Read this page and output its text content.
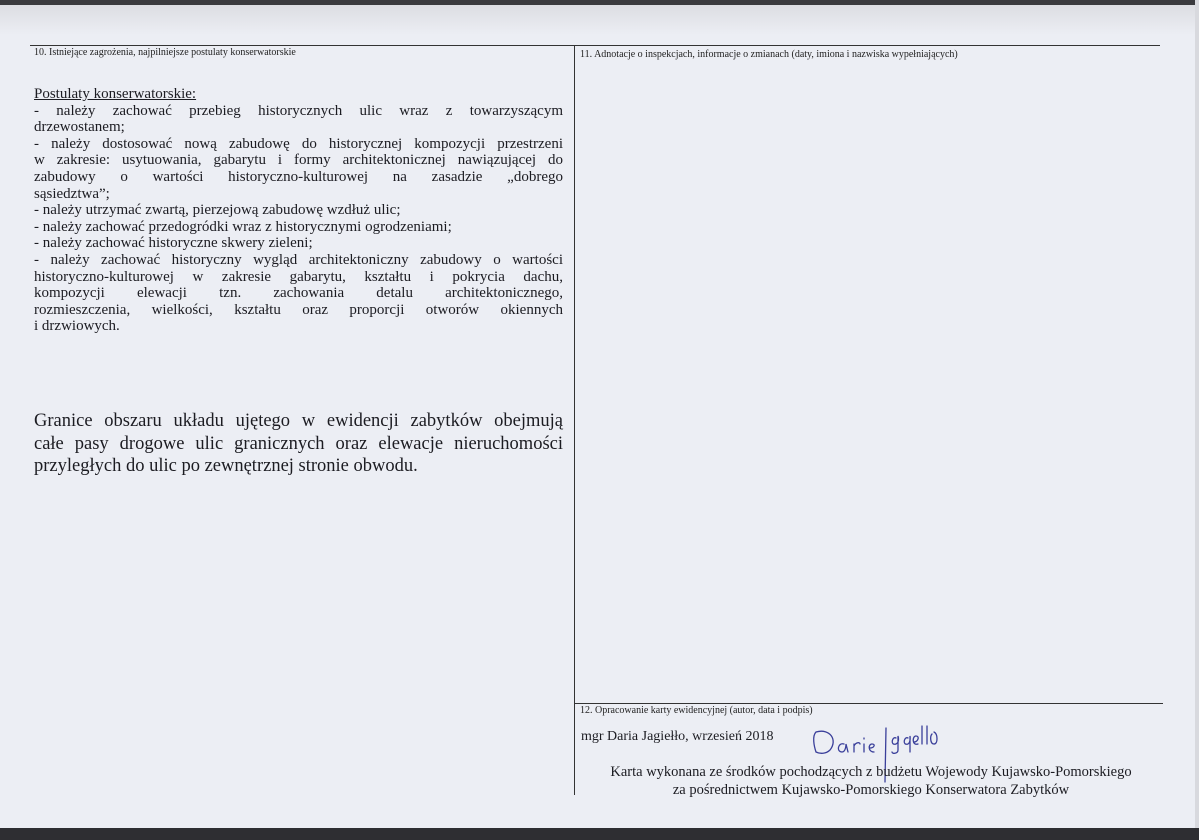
10. Istniejące zagrożenia, najpilniejsze postulaty konserwatorskie	11. Adnotacje o inspekcjach, informacje o zmianach (daty, imiona i nazwiska wypełniających)
Postulaty konserwatorskie:
- należy zachować przebieg historycznych ulic wraz z towarzyszącym
drzewostanem;
- należy dostosować nową zabudowę do historycznej kompozycji przestrzeni
w zakresie: usytuowania, gabarytu i formy architektonicznej nawiązującej do
zabudowy o wartości historyczno-kulturowej na zasadzie „dobrego
sąsiedztwa”;
- należy utrzymać zwartą, pierzejową zabudowę wzdłuż ulic;
- należy zachować przedogródki wraz z historycznymi ogrodzeniami;
- należy zachować historyczne skwery zieleni;
- należy zachować historyczny wygląd architektoniczny zabudowy o wartości
historyczno-kulturowej w zakresie gabarytu, kształtu i pokrycia dachu,
kompozycji elewacji tzn. zachowania detalu architektonicznego,
rozmieszczenia, wielkości, kształtu oraz proporcji otworów okiennych
i drzwiowych.
Granice obszaru układu ujętego w ewidencji zabytków obejmują
całe pasy drogowe ulic granicznych oraz elewacje nieruchomości
przyległych do ulic po zewnętrznej stronie obwodu.
12. Opracowanie karty ewidencyjnej (autor, data i podpis)
mgr Daria Jagiełło, wrzesień 2018
Karta wykonana ze środków pochodzących z budżetu Wojewody Kujawsko-Pomorskiego
za pośrednictwem Kujawsko-Pomorskiego Konserwatora Zabytków
